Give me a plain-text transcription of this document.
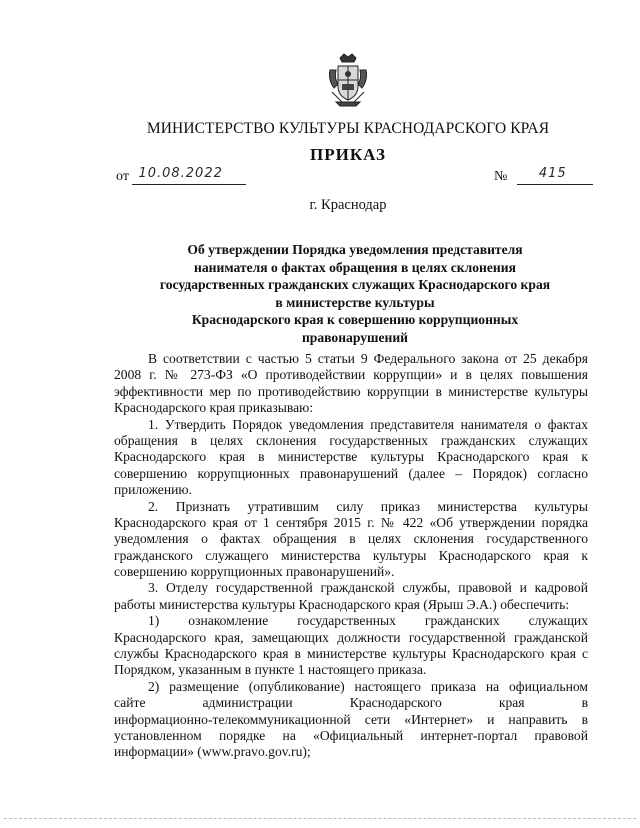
МИНИСТЕРСТВО КУЛЬТУРЫ КРАСНОДАРСКОГО КРАЯ
ПРИКАЗ
от 10.08.2022	№ 415
г. Краснодар
Об утверждении Порядка уведомления представителя
нанимателя о фактах обращения в целях склонения
государственных гражданских служащих Краснодарского края
в министерстве культуры
Краснодарского края к совершению коррупционных
правонарушений
В соответствии с частью 5 статьи 9 Федерального закона от 25 декабря
2008 г. № 273-ФЗ «О противодействии коррупции» и в целях повышения
эффективности мер по противодействию коррупции в министерстве культуры
Краснодарского края приказываю:
1. Утвердить Порядок уведомления представителя нанимателя о фактах
обращения в целях склонения государственных гражданских служащих
Краснодарского края в министерстве культуры Краснодарского края к
совершению коррупционных правонарушений (далее – Порядок) согласно
приложению.
2. Признать утратившим силу приказ министерства культуры
Краснодарского края от 1 сентября 2015 г. № 422 «Об утверждении порядка
уведомления о фактах обращения в целях склонения государственного
гражданского служащего министерства культуры Краснодарского края к
совершению коррупционных правонарушений».
3. Отделу государственной гражданской службы, правовой и кадровой
работы министерства культуры Краснодарского края (Ярыш Э.А.) обеспечить:
1) ознакомление государственных гражданских служащих
Краснодарского края, замещающих должности государственной гражданской
службы Краснодарского края в министерстве культуры Краснодарского края с
Порядком, указанным в пункте 1 настоящего приказа.
2) размещение (опубликование) настоящего приказа на официальном
сайте администрации Краснодарского края в
информационно-телекоммуникационной сети «Интернет» и направить в
установленном порядке на «Официальный интернет-портал правовой
информации» (www.pravo.gov.ru);
